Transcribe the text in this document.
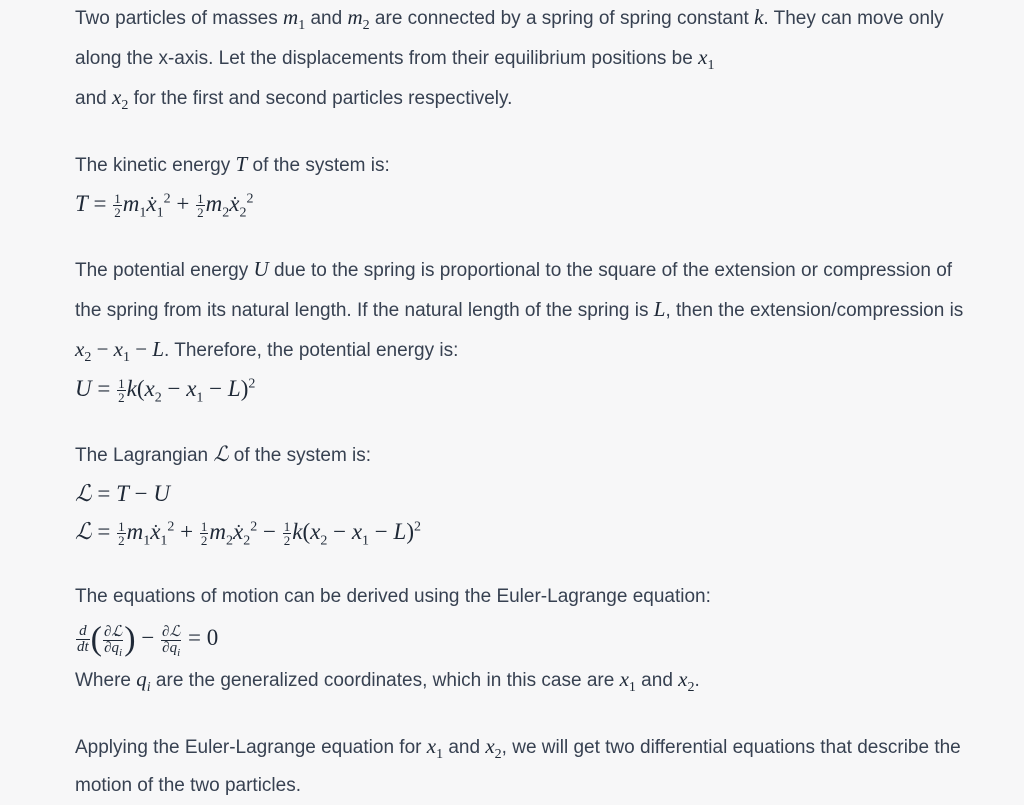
Two particles of masses $m_1$ and $m_2$ are connected by a spring of spring constant k. They can move only along the x-axis. Let the displacements from their equilibrium positions be $x_1$
and $x_2$ for the first and second particles respectively.

The kinetic energy T of the system is:

$T = \frac{1}{2} m_1\cdot x_1^2 + \frac{1}{2} m_2\cdot x_2^2$

The potential energy U due to the spring is proportional to the square of the extension or compression of the spring from its natural length. If the natural length of the spring is L, then the extension/compression is $x_2 - x_1 - L$. Therefore, the potential energy is:

$U = \frac{1}{2} k(x_2 - x_1 - L)^2$

The Lagrangian ℒ of the system is:

ℒ = T − U

ℒ = $\frac{1}{2} m_1\cdot x_1^2 + \frac{1}{2} m_2\cdot x_2^2 - \frac{1}{2} k(x_2 - x_1 - L)^2$

The equations of motion can be derived using the Euler-Lagrange equation:

$\frac{d}{dt}$ ( $\frac{\text{∂ℒ}}{\partial\cdot q_i}$ ) − $\frac{\text{∂ℒ}}{\partial q_i} = 0$

Where $q_i$ are the generalized coordinates, which in this case are $x_1$ and $x_2$.

Applying the Euler-Lagrange equation for $x_1$ and $x_2$, we will get two differential equations that describe the motion of the two particles.
